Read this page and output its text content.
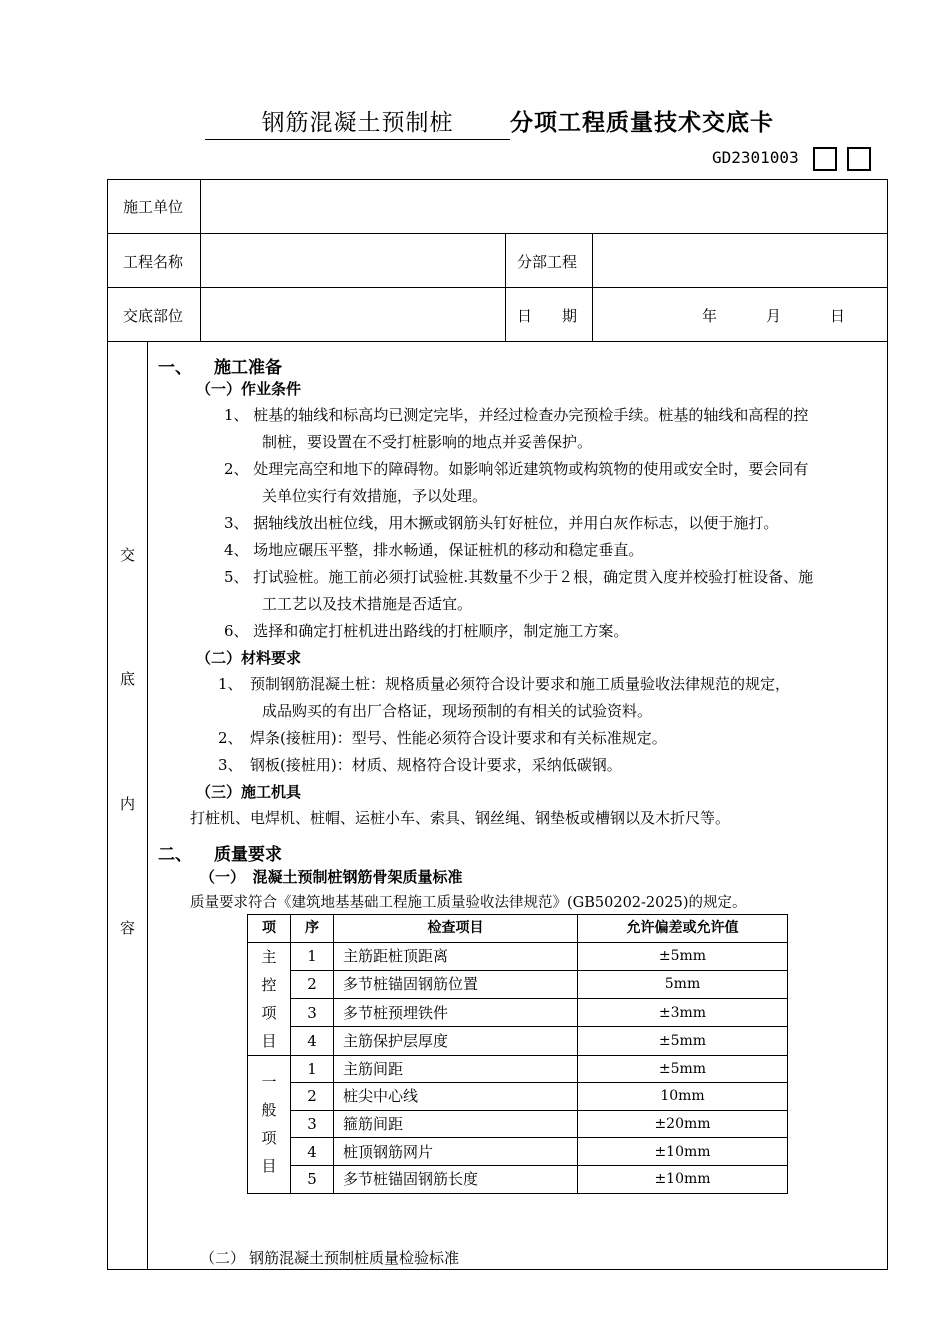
钢筋混凝土预制桩 分项工程质量技术交底卡
GD2301003
施工单位
工程名称	分部工程
交底部位	日　　期	年	月	日
交
底
内
容
一、 施工准备
（一）作业条件
1、 桩基的轴线和标高均已测定完毕，并经过检查办完预检手续。桩基的轴线和高程的控
制桩，要设置在不受打桩影响的地点并妥善保护。
2、 处理完高空和地下的障碍物。如影响邻近建筑物或构筑物的使用或安全时，要会同有
关单位实行有效措施，予以处理。
3、 据轴线放出桩位线，用木撅或钢筋头钉好桩位，并用白灰作标志，以便于施打。
4、 场地应碾压平整，排水畅通，保证桩机的移动和稳定垂直。
5、 打试验桩。施工前必须打试验桩.其数量不少于２根，确定贯入度并校验打桩设备、施
工工艺以及技术措施是否适宜。
6、 选择和确定打桩机进出路线的打桩顺序，制定施工方案。
（二）材料要求
1、　预制钢筋混凝土桩：规格质量必须符合设计要求和施工质量验收法律规范的规定，
成品购买的有出厂合格证，现场预制的有相关的试验资料。
2、　焊条(接桩用)：型号、性能必须符合设计要求和有关标准规定。
3、　钢板(接桩用)：材质、规格符合设计要求，采纳低碳钢。
（三）施工机具
打桩机、电焊机、桩帽、运桩小车、索具、钢丝绳、钢垫板或槽钢以及木折尺等。
二、 质量要求
（一）　混凝土预制桩钢筋骨架质量标准
质量要求符合《建筑地基基础工程施工质量验收法律规范》(GB50202-2025)的规定。
项	序	检查项目	允许偏差或允许值
主
控
项
目	1	主筋距桩顶距离	±5mm
	2	多节桩锚固钢筋位置	5mm
	3	多节桩预埋铁件	±3mm
	4	主筋保护层厚度	±5mm
一
般
项
目	1	主筋间距	±5mm
	2	桩尖中心线	10mm
	3	箍筋间距	±20mm
	4	桩顶钢筋网片	±10mm
	5	多节桩锚固钢筋长度	±10mm
（二） 钢筋混凝土预制桩质量检验标准
